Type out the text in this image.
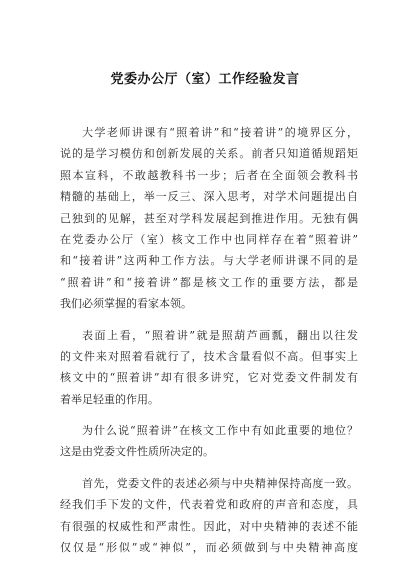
党委办公厅（室）工作经验发言
大学老师讲课有“照着讲”和“接着讲”的境界区分，
说的是学习模仿和创新发展的关系。前者只知道循规蹈矩
照本宣科，不敢越教科书一步；后者在全面领会教科书
精髓的基础上，举一反三、深入思考，对学术问题提出自
己独到的见解，甚至对学科发展起到推进作用。无独有偶
在党委办公厅（室）核文工作中也同样存在着“照着讲”
和“接着讲”这两种工作方法。与大学老师讲课不同的是
“照着讲”和“接着讲”都是核文工作的重要方法，都是
我们必须掌握的看家本领。
表面上看，“照着讲”就是照葫芦画瓢，翻出以往发
的文件来对照着看就行了，技术含量看似不高。但事实上
核文中的“照着讲”却有很多讲究，它对党委文件制发有
着举足轻重的作用。
为什么说“照着讲”在核文工作中有如此重要的地位？
这是由党委文件性质所决定的。
首先，党委文件的表述必须与中央精神保持高度一致。
经我们手下发的文件，代表着党和政府的声音和态度，具
有很强的权威性和严肃性。因此，对中央精神的表述不能
仅仅是“形似”或“神似”，而必须做到与中央精神高度
